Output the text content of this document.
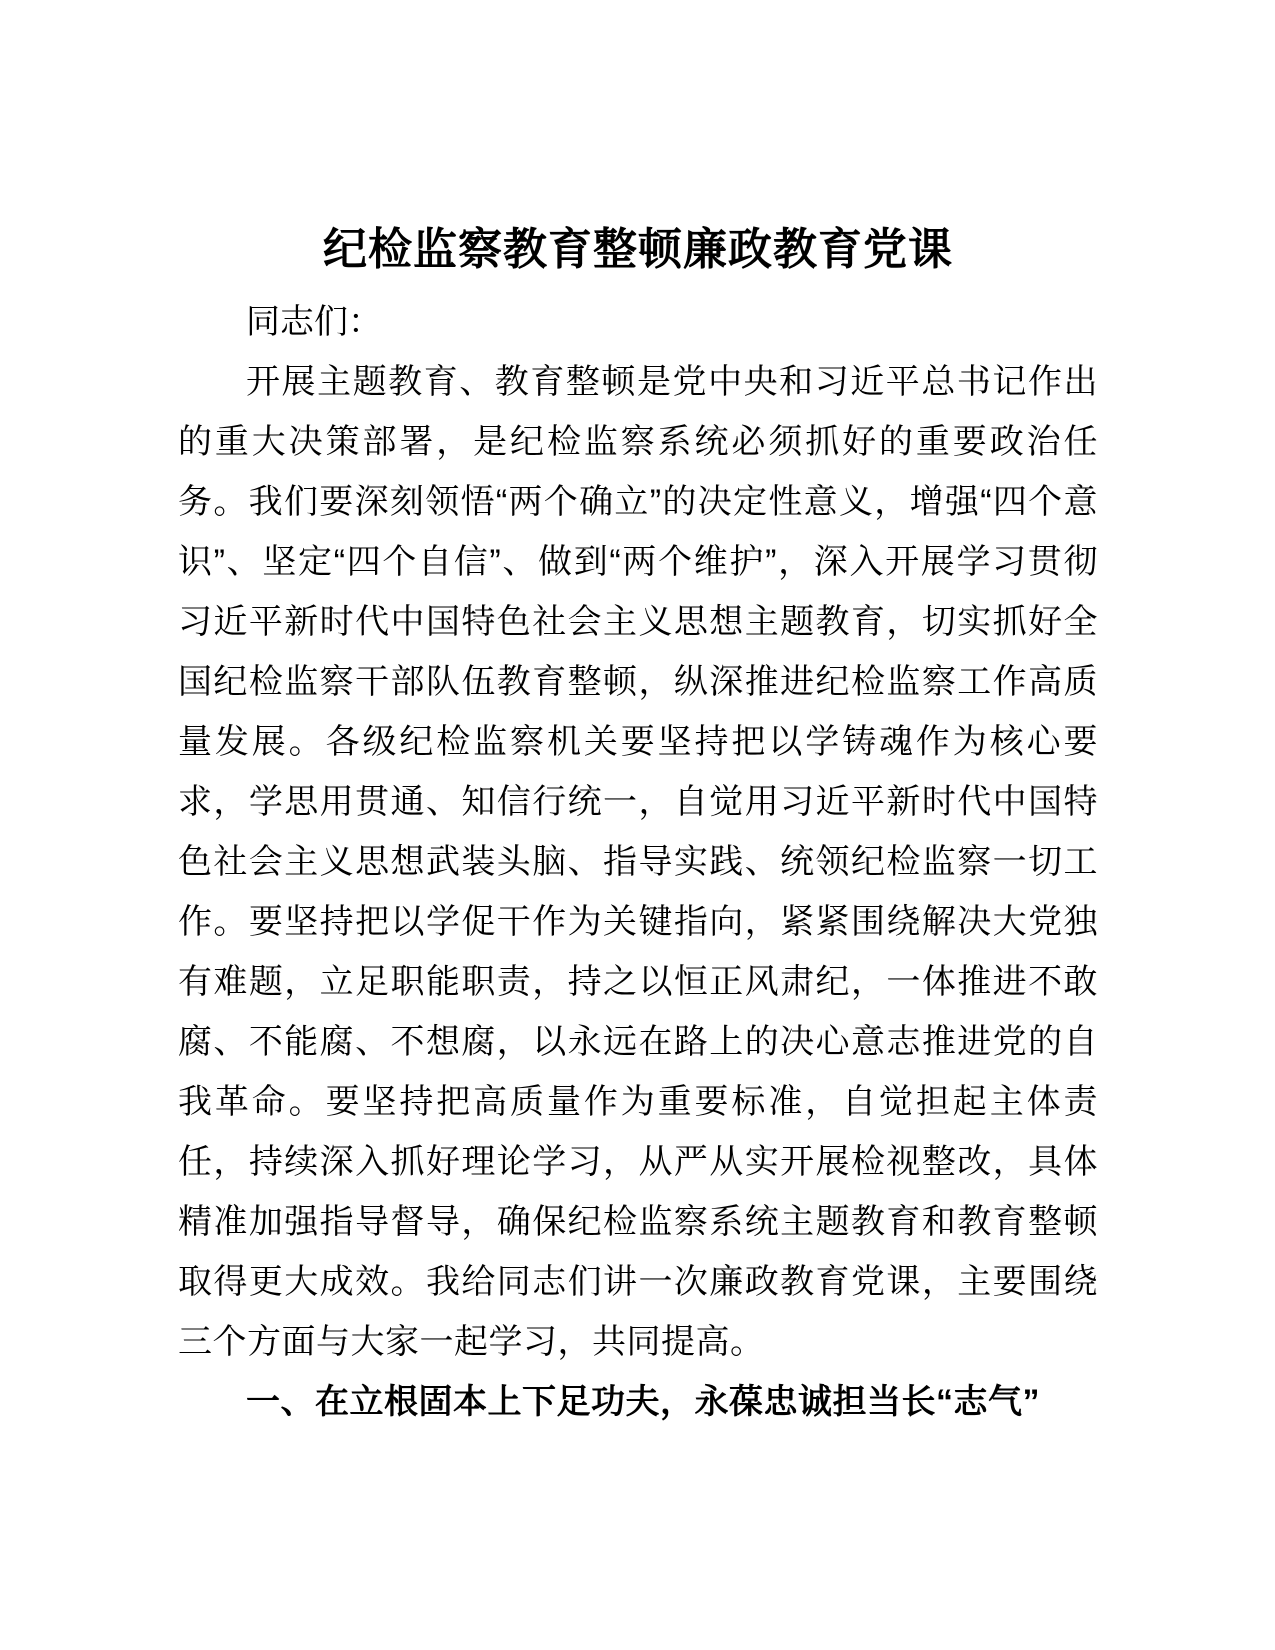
纪检监察教育整顿廉政教育党课

同志们：

开展主题教育、教育整顿是党中央和习近平总书记作出的重大决策部署，是纪检监察系统必须抓好的重要政治任务。我们要深刻领悟“两个确立”的决定性意义，增强“四个意识”、坚定“四个自信”、做到“两个维护”，深入开展学习贯彻习近平新时代中国特色社会主义思想主题教育，切实抓好全国纪检监察干部队伍教育整顿，纵深推进纪检监察工作高质量发展。各级纪检监察机关要坚持把以学铸魂作为核心要求，学思用贯通、知信行统一，自觉用习近平新时代中国特色社会主义思想武装头脑、指导实践、统领纪检监察一切工作。要坚持把以学促干作为关键指向，紧紧围绕解决大党独有难题，立足职能职责，持之以恒正风肃纪，一体推进不敢腐、不能腐、不想腐，以永远在路上的决心意志推进党的自我革命。要坚持把高质量作为重要标准，自觉担起主体责任，持续深入抓好理论学习，从严从实开展检视整改，具体精准加强指导督导，确保纪检监察系统主题教育和教育整顿取得更大成效。我给同志们讲一次廉政教育党课，主要围绕三个方面与大家一起学习，共同提高。

一、在立根固本上下足功夫，永葆忠诚担当长“志气”
